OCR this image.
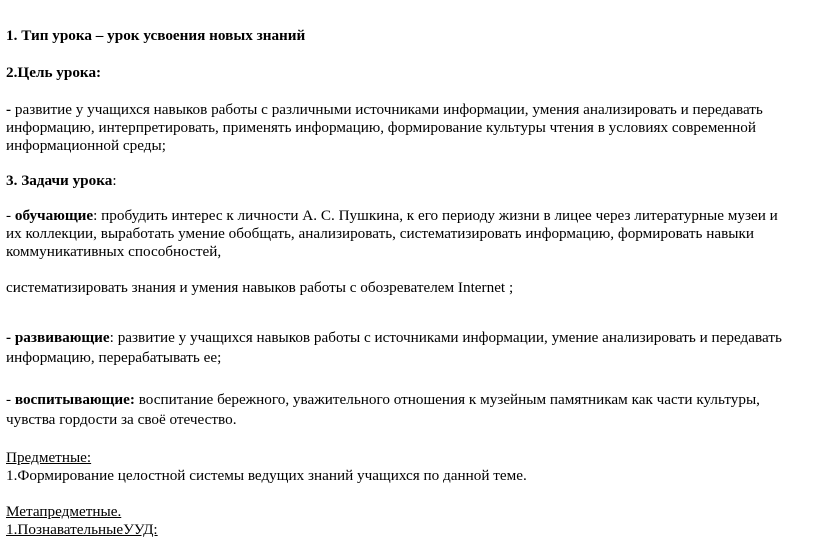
1. Тип урока – урок усвоения новых знаний

2.Цель урока:

- развитие у учащихся навыков работы с различными источниками информации, умения анализировать и передавать

информацию, интерпретировать, применять информацию, формирование культуры чтения в условиях современной

информационной среды;

3. Задачи урока:

- обучающие: пробудить интерес к личности А. С. Пушкина, к его периоду жизни в лицее через литературные музеи и

их коллекции, выработать умение обобщать, анализировать, систематизировать информацию, формировать навыки

коммуникативных способностей,

систематизировать знания и умения навыков работы с обозревателем Internet ;

- развивающие: развитие у учащихся навыков работы с источниками информации, умение анализировать и передавать

информацию, перерабатывать ее;

- воспитывающие: воспитание бережного, уважительного отношения к музейным памятникам как части культуры,

чувства гордости за своё отечество.

Предметные:

1.Формирование целостной системы ведущих знаний учащихся по данной теме.

Метапредметные.

1.ПознавательныеУУД:
